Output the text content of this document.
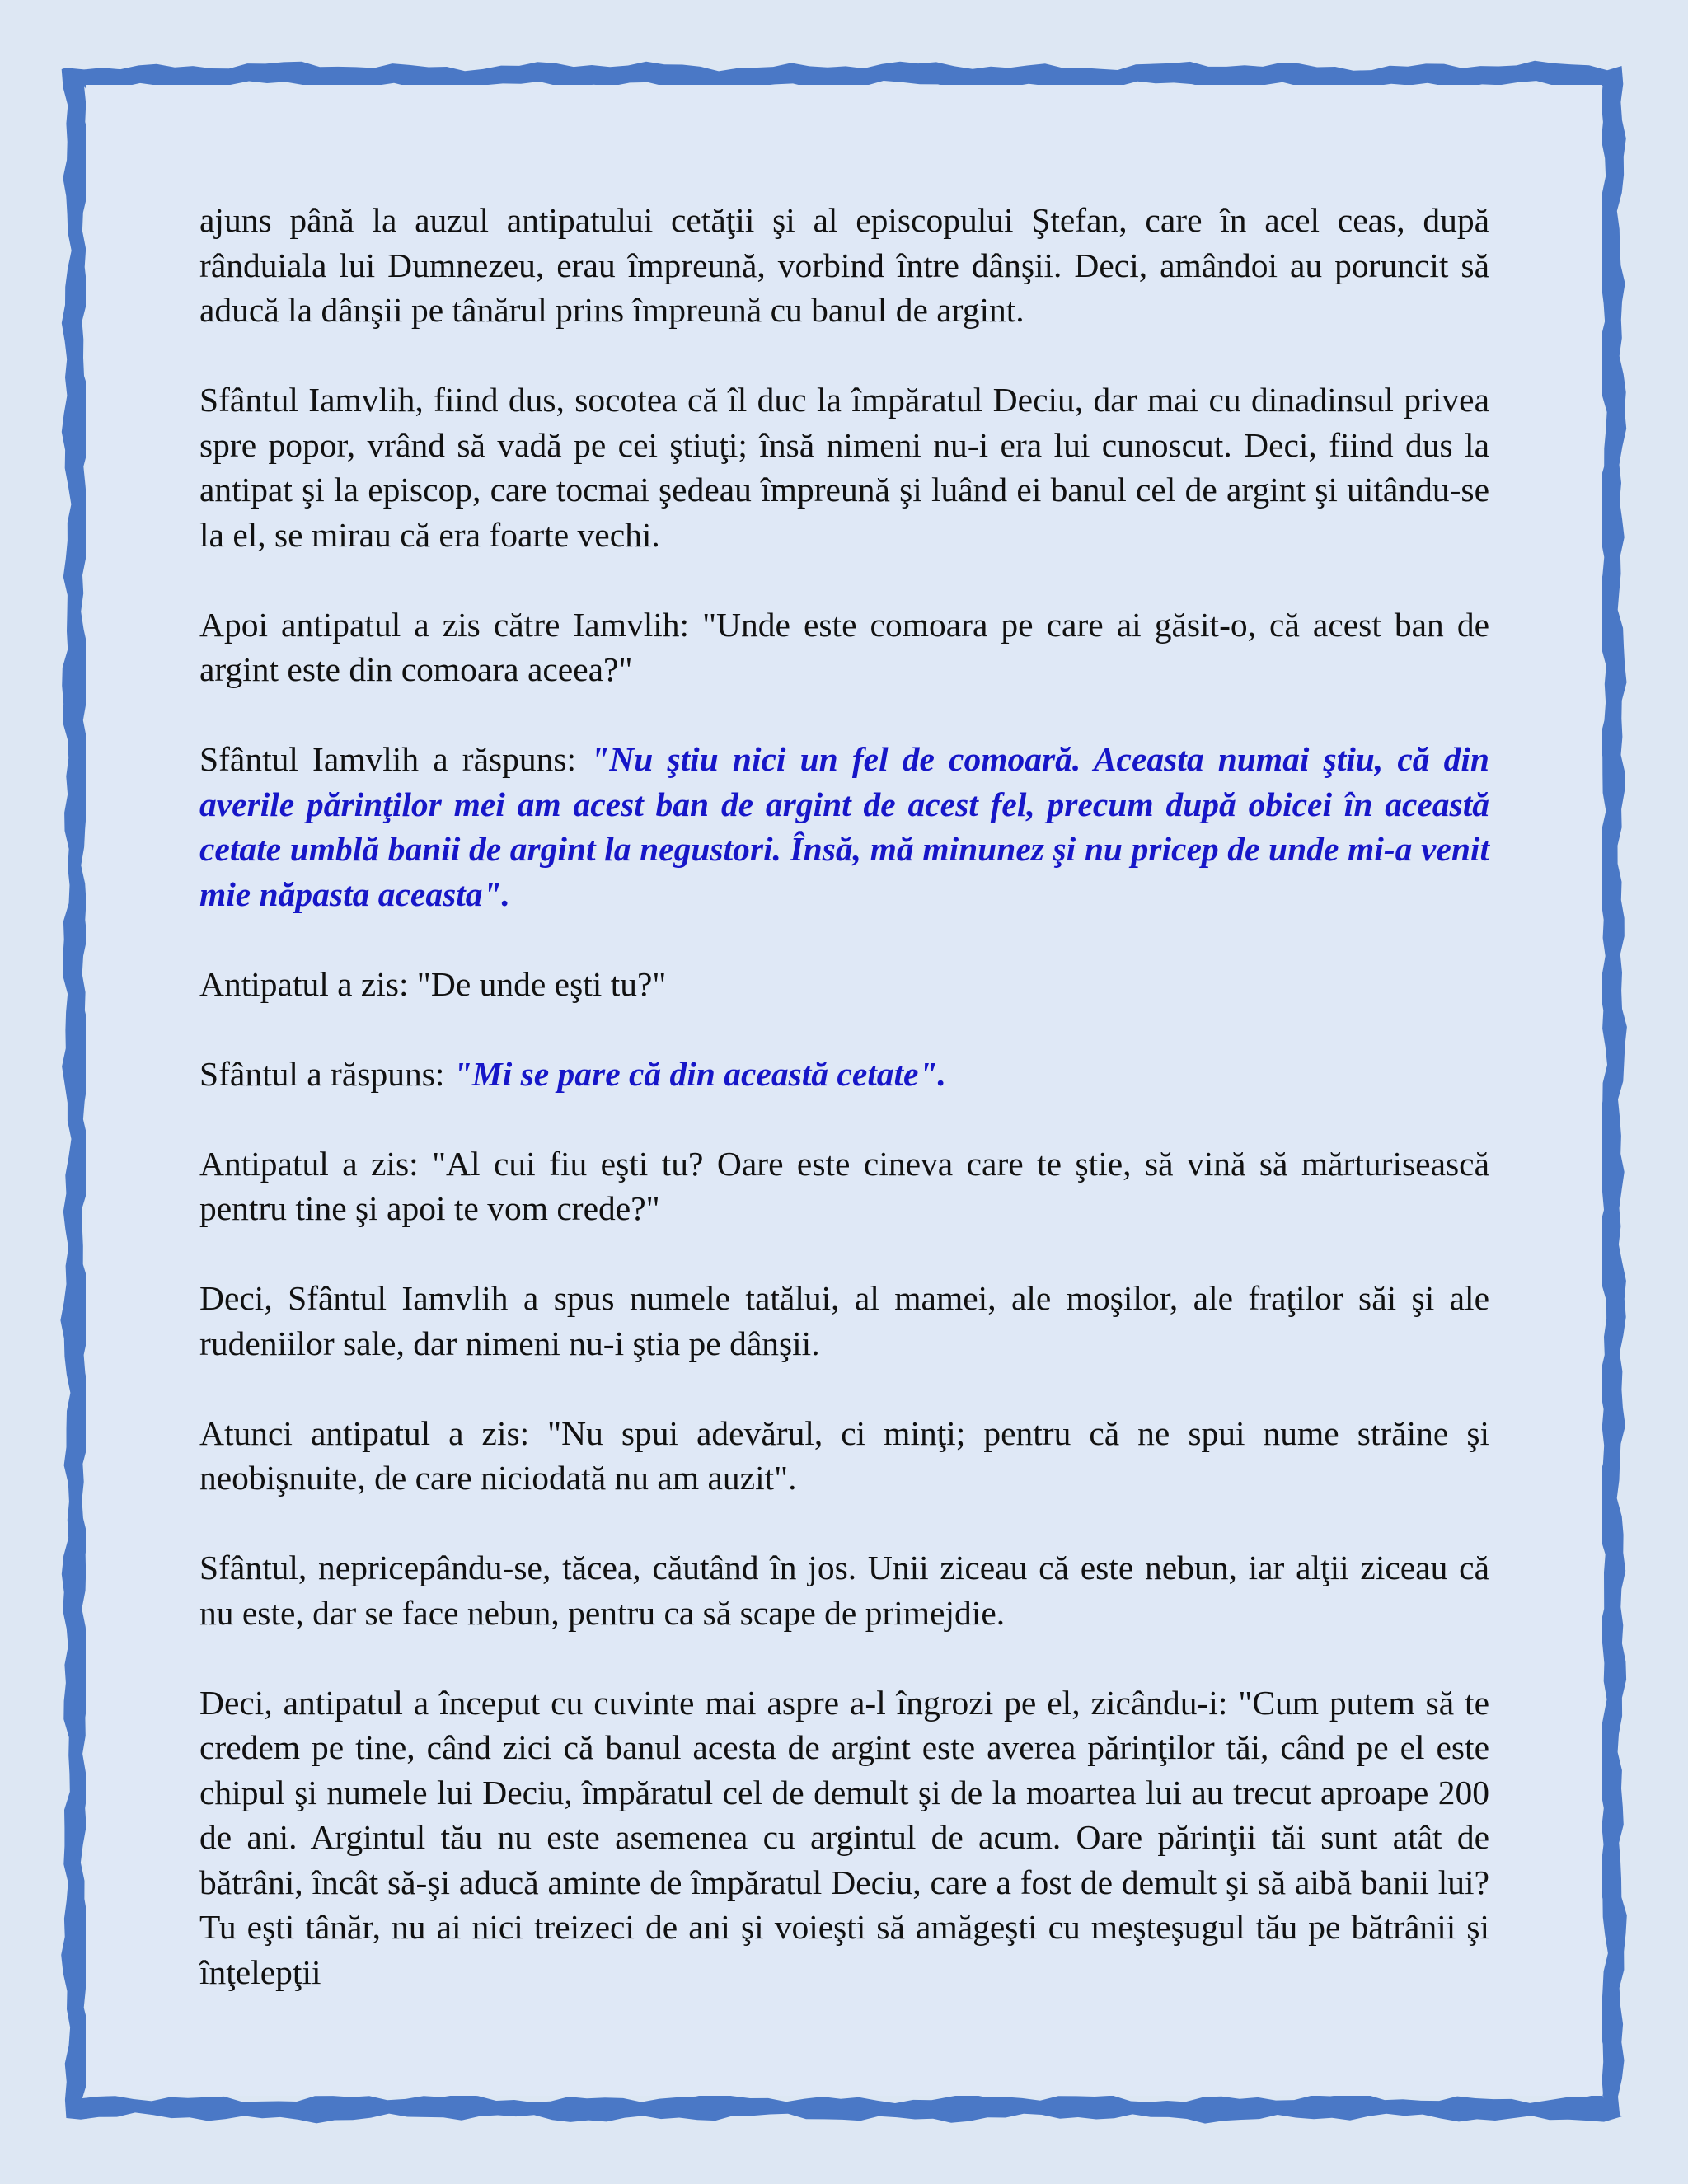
ajuns până la auzul antipatului cetăţii şi al episcopului Ştefan, care în acel ceas, după rânduiala lui Dumnezeu, erau împreună, vorbind între dânşii. Deci, amândoi au poruncit să aducă la dânşii pe tânărul prins împreună cu banul de argint.

Sfântul Iamvlih, fiind dus, socotea că îl duc la împăratul Deciu, dar mai cu dinadinsul privea spre popor, vrând să vadă pe cei ştiuţi; însă nimeni nu-i era lui cunoscut. Deci, fiind dus la antipat şi la episcop, care tocmai şedeau împreună şi luând ei banul cel de argint şi uitându-se la el, se mirau că era foarte vechi.

Apoi antipatul a zis către Iamvlih: "Unde este comoara pe care ai găsit-o, că acest ban de argint este din comoara aceea?"

Sfântul Iamvlih a răspuns: "Nu ştiu nici un fel de comoară. Aceasta numai ştiu, că din averile părinţilor mei am acest ban de argint de acest fel, precum după obicei în această cetate umblă banii de argint la negustori. Însă, mă minunez şi nu pricep de unde mi-a venit mie năpasta aceasta".

Antipatul a zis: "De unde eşti tu?"

Sfântul a răspuns: "Mi se pare că din această cetate".

Antipatul a zis: "Al cui fiu eşti tu? Oare este cineva care te ştie, să vină să mărturisească pentru tine şi apoi te vom crede?"

Deci, Sfântul Iamvlih a spus numele tatălui, al mamei, ale moşilor, ale fraţilor săi şi ale rudeniilor sale, dar nimeni nu-i ştia pe dânşii.

Atunci antipatul a zis: "Nu spui adevărul, ci minţi; pentru că ne spui nume străine şi neobişnuite, de care niciodată nu am auzit".

Sfântul, nepricepându-se, tăcea, căutând în jos. Unii ziceau că este nebun, iar alţii ziceau că nu este, dar se face nebun, pentru ca să scape de primejdie.

Deci, antipatul a început cu cuvinte mai aspre a-l îngrozi pe el, zicându-i: "Cum putem să te credem pe tine, când zici că banul acesta de argint este averea părinţilor tăi, când pe el este chipul şi numele lui Deciu, împăratul cel de demult şi de la moartea lui au trecut aproape 200 de ani. Argintul tău nu este asemenea cu argintul de acum. Oare părinţii tăi sunt atât de bătrâni, încât să-şi aducă aminte de împăratul Deciu, care a fost de demult şi să aibă banii lui? Tu eşti tânăr, nu ai nici treizeci de ani şi voieşti să amăgeşti cu meşteşugul tău pe bătrânii şi înţelepţii
